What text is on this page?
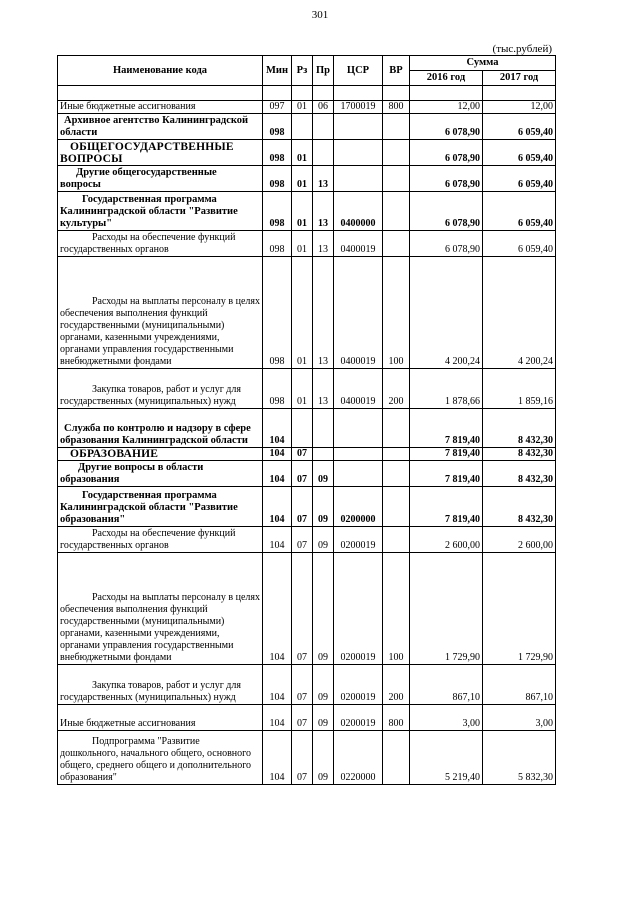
301
(тыс.рублей)
Наименование кода	Мин	Рз	Пр	ЦСР	ВР	Сумма	
						2016 год	2017 год

Иные бюджетные ассигнования	097	01	06	1700019	800	12,00	12,00
Архивное агентство Калининградской области	098					6 078,90	6 059,40
ОБЩЕГОСУДАРСТВЕННЫЕ ВОПРОСЫ	098	01				6 078,90	6 059,40
Другие общегосударственные вопросы	098	01	13			6 078,90	6 059,40
Государственная программа Калининградской области "Развитие культуры"	098	01	13	0400000		6 078,90	6 059,40
Расходы на обеспечение функций государственных органов	098	01	13	0400019		6 078,90	6 059,40
Расходы на выплаты персоналу в целях обеспечения выполнения функций государственными (муниципальными) органами, казенными учреждениями, органами управления государственными внебюджетными фондами	098	01	13	0400019	100	4 200,24	4 200,24
Закупка товаров, работ и услуг для государственных (муниципальных) нужд	098	01	13	0400019	200	1 878,66	1 859,16
Служба по контролю и надзору в сфере образования Калининградской области	104					7 819,40	8 432,30
ОБРАЗОВАНИЕ	104	07				7 819,40	8 432,30
Другие вопросы в области образования	104	07	09			7 819,40	8 432,30
Государственная программа Калининградской области "Развитие образования"	104	07	09	0200000		7 819,40	8 432,30
Расходы на обеспечение функций государственных органов	104	07	09	0200019		2 600,00	2 600,00
Расходы на выплаты персоналу в целях обеспечения выполнения функций государственными (муниципальными) органами, казенными учреждениями, органами управления государственными внебюджетными фондами	104	07	09	0200019	100	1 729,90	1 729,90
Закупка товаров, работ и услуг для государственных (муниципальных) нужд	104	07	09	0200019	200	867,10	867,10
Иные бюджетные ассигнования	104	07	09	0200019	800	3,00	3,00
Подпрограмма "Развитие дошкольного, начального общего, основного общего, среднего общего и дополнительного образования"	104	07	09	0220000		5 219,40	5 832,30
